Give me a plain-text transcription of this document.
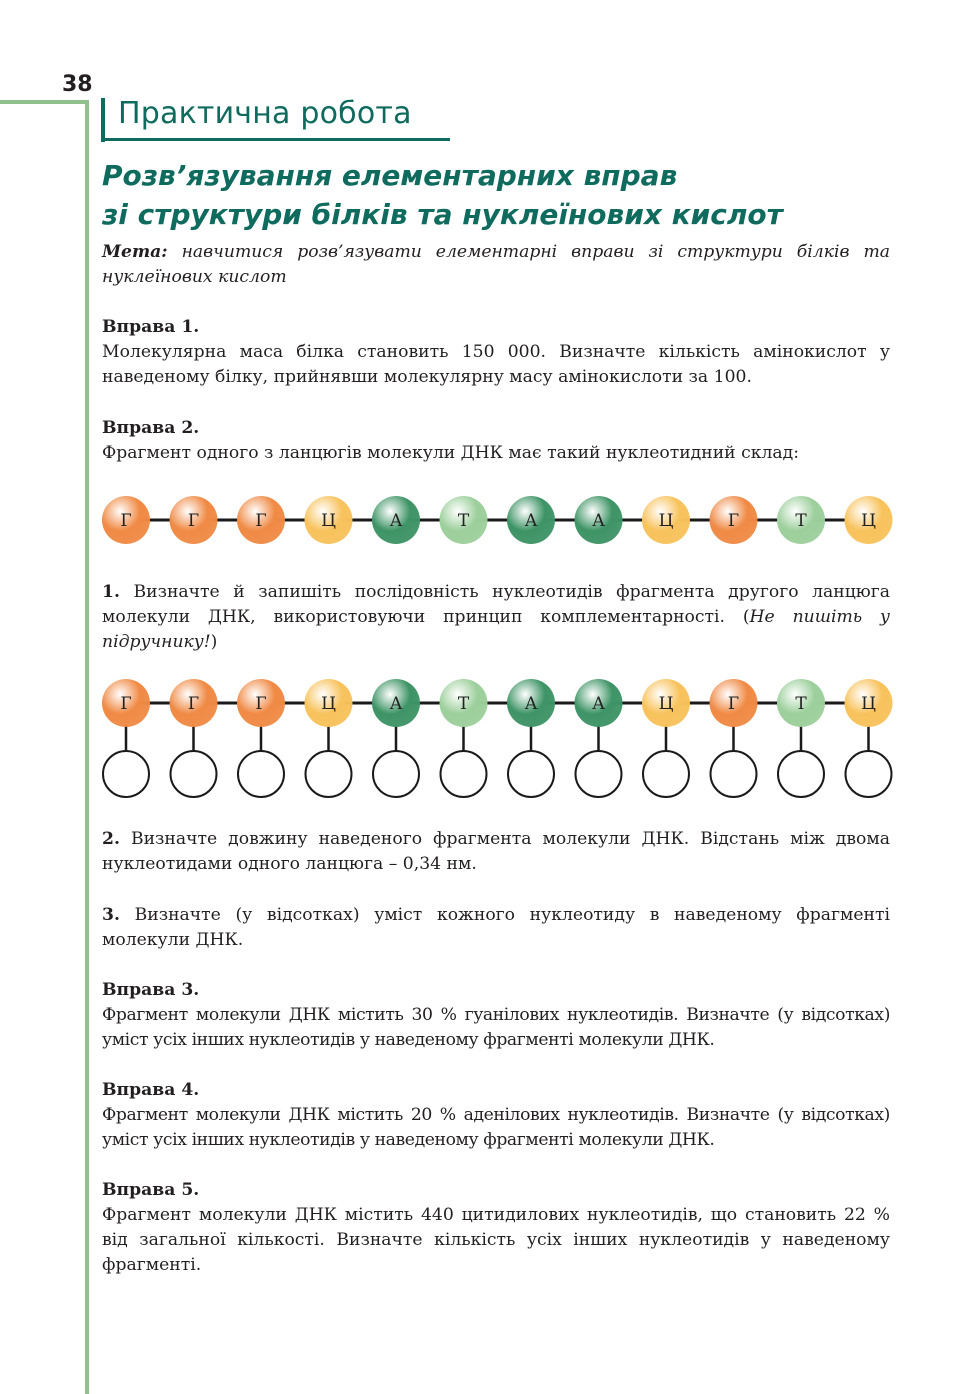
38
Практична робота
Розв’язування елементарних вправ
зі структури білків та нуклеїнових кислот

Мета: навчитися розв’язувати елементарні вправи зі структури білків та нуклеїнових кислот

Вправа 1.

Молекулярна маса білка становить 150 000. Визначте кількість амінокислот у наведеному білку, прийнявши молекулярну масу амінокислоти за 100.

Вправа 2.

Фрагмент одного з ланцюгів молекули ДНК має такий нуклеотидний склад:

Г	Г	Г	Ц	А	Т	А	А	Ц	Г	Т	Ц
Г	Г	Г	Ц	А	Т	А	А	Ц	Г	Т	Ц

1. Визначте й запишіть послідовність нуклеотидів фрагмента другого ланцюга молекули ДНК, використовуючи принцип комплементарності. (Не пишіть у підручнику!)

2. Визначте довжину наведеного фрагмента молекули ДНК. Відстань між двома нуклеотидами одного ланцюга – 0,34 нм.

3. Визначте (у відсотках) уміст кожного нуклеотиду в наведеному фрагменті молекули ДНК.

Вправа 3.

Фрагмент молекули ДНК містить 30 % гуанілових нуклеотидів. Визначте (у відсотках) уміст усіх інших нуклеотидів у наведеному фрагменті молекули ДНК.

Вправа 4.

Фрагмент молекули ДНК містить 20 % аденілових нуклеотидів. Визначте (у відсотках) уміст усіх інших нуклеотидів у наведеному фрагменті молекули ДНК.

Вправа 5.

Фрагмент молекули ДНК містить 440 цитидилових нуклеотидів, що становить 22 % від загальної кількості. Визначте кількість усіх інших нуклеотидів у наведеному фрагменті.
